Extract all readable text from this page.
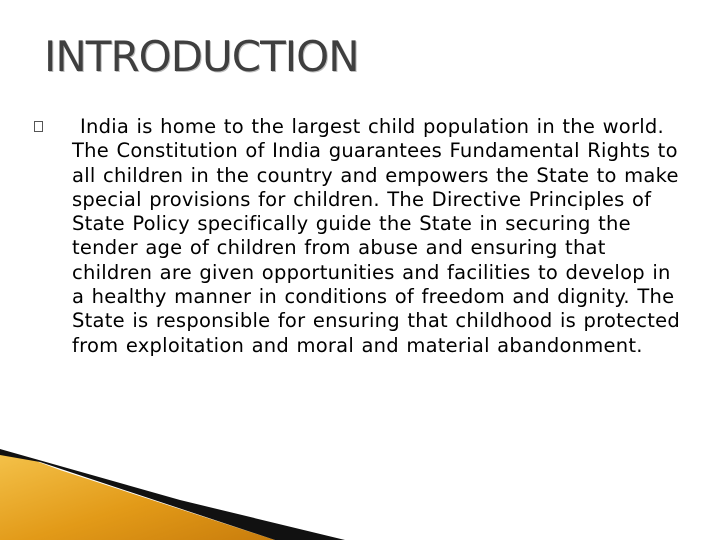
INTRODUCTION

India is home to the largest child population in the world. The Constitution of India guarantees Fundamental Rights to all children in the country and empowers the State to make special provisions for children. The Directive Principles of State Policy specifically guide the State in securing the tender age of children from abuse and ensuring that children are given opportunities and facilities to develop in a healthy manner in conditions of freedom and dignity. The State is responsible for ensuring that childhood is protected from exploitation and moral and material abandonment.
